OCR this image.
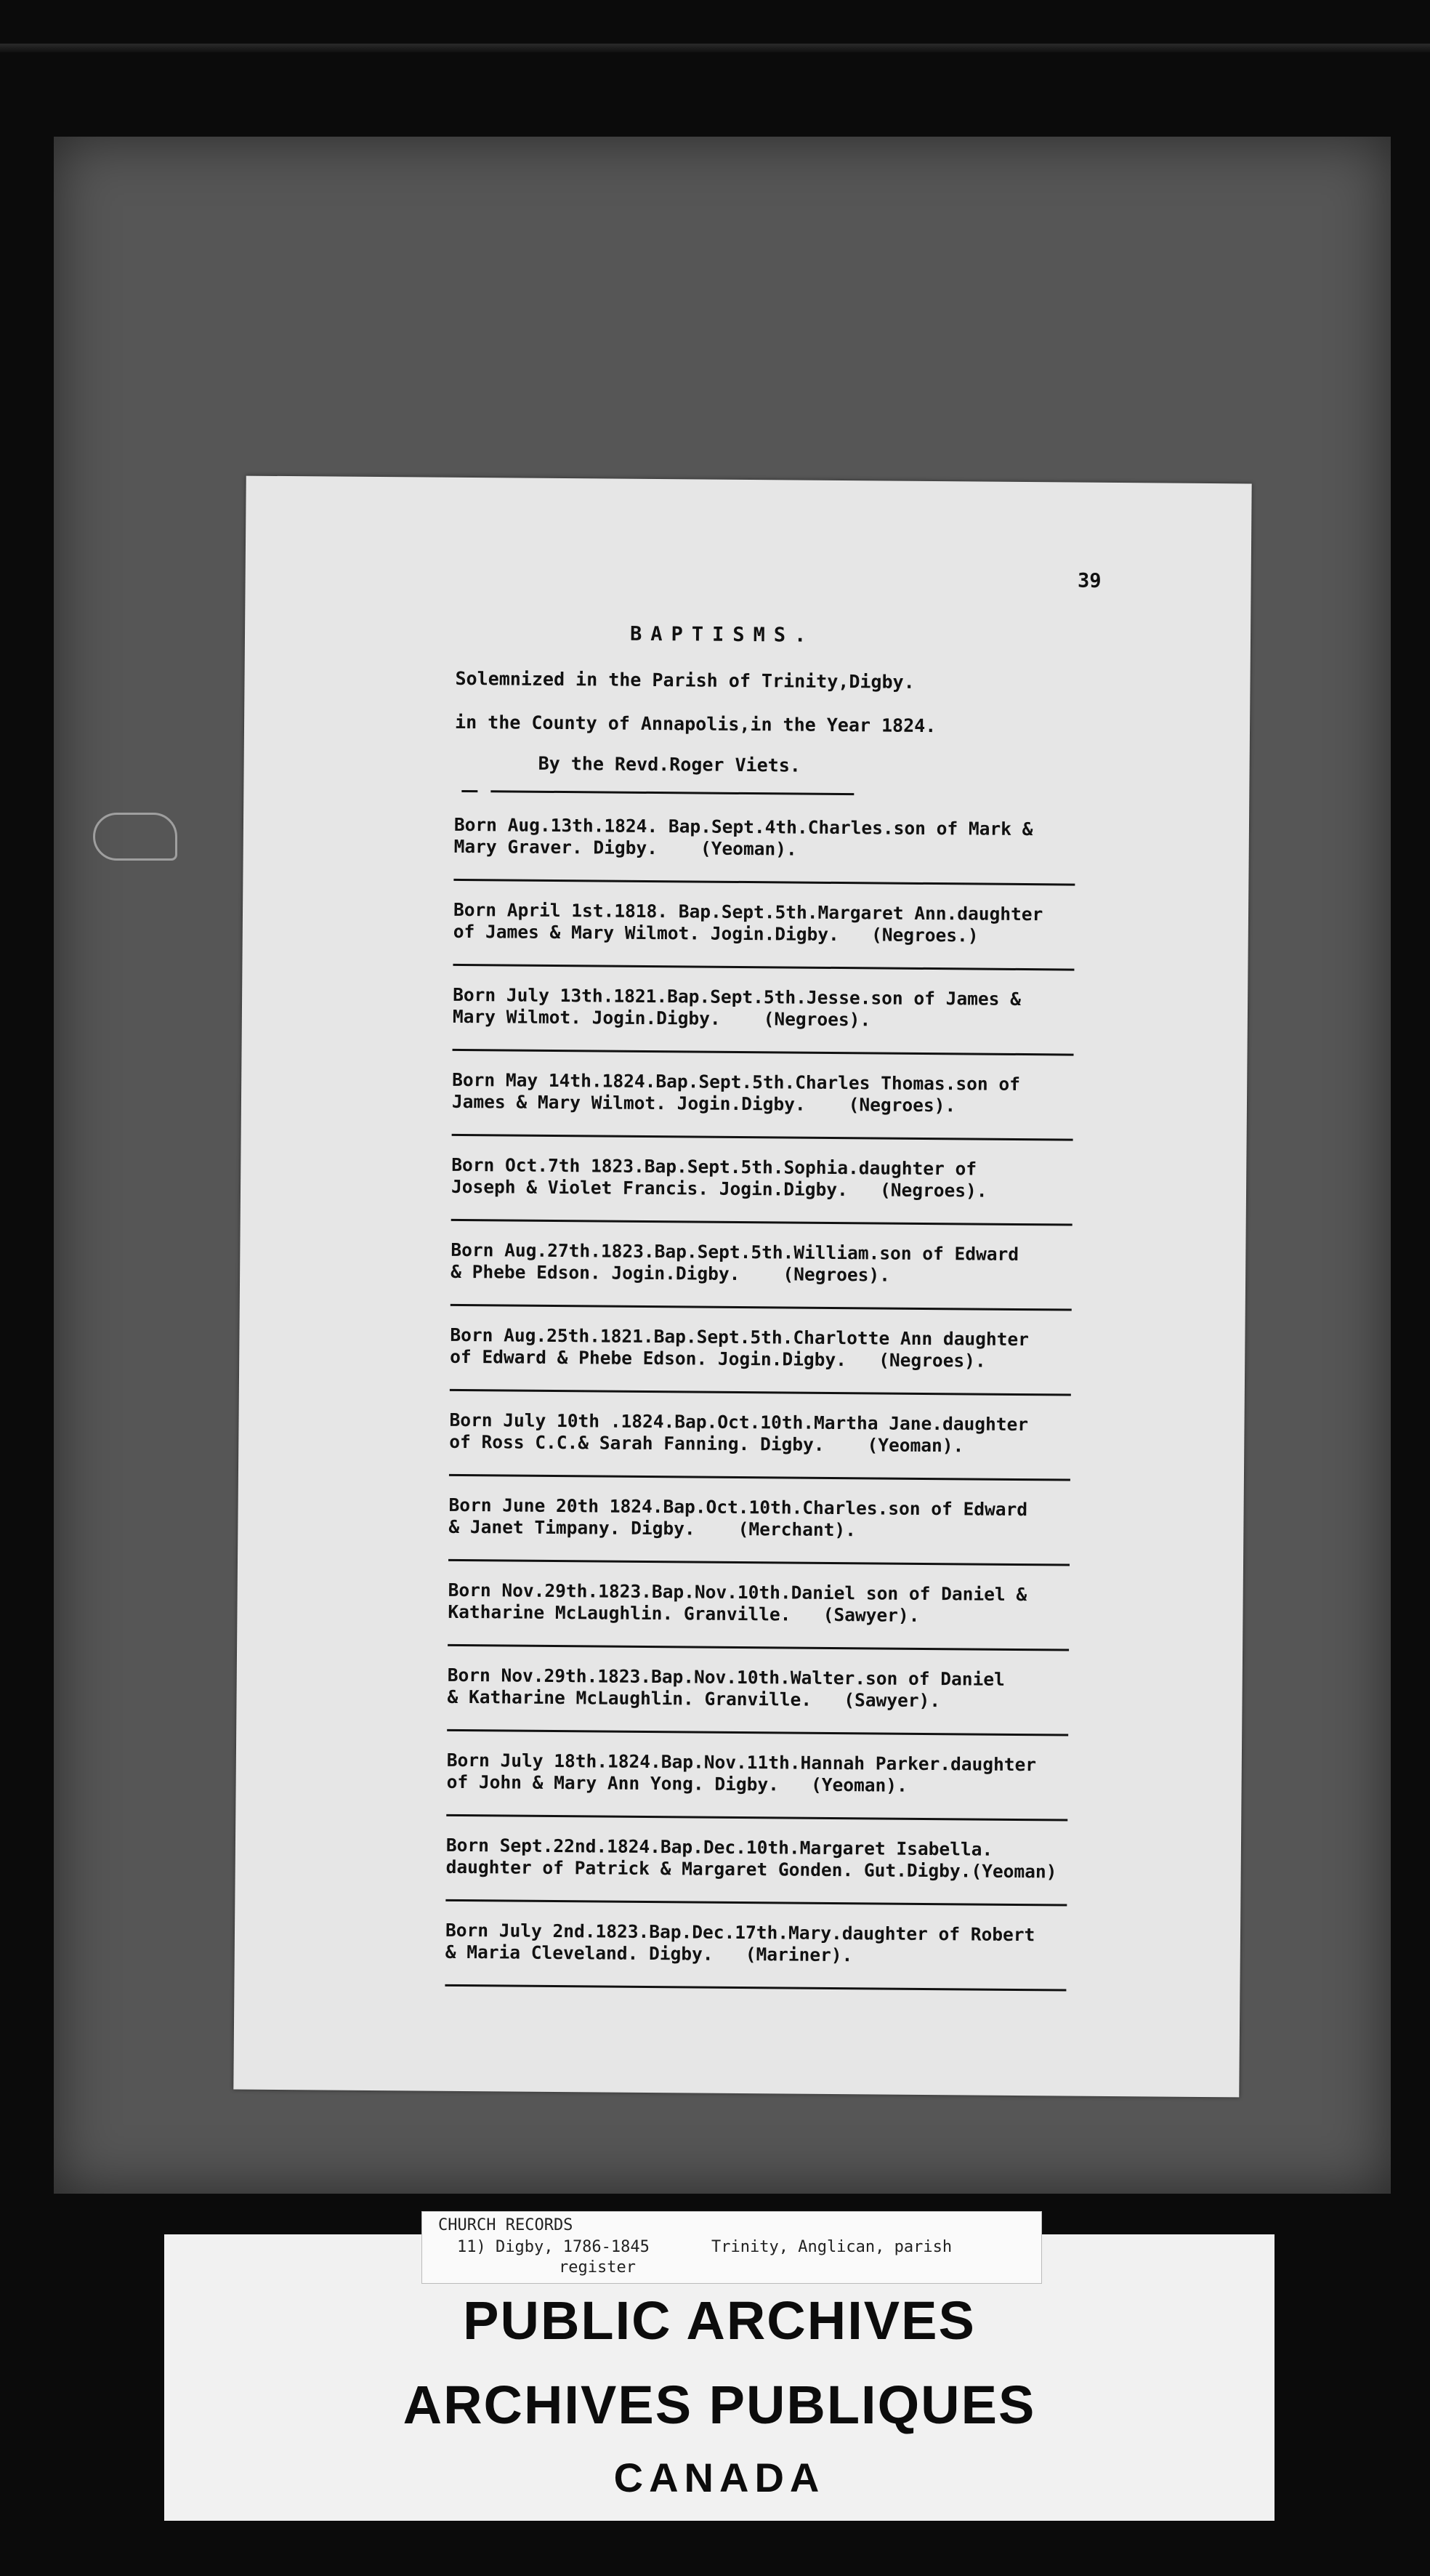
39
BAPTISMS.
Solemnized in the Parish of Trinity,Digby.
in the County of Annapolis,in the Year 1824.
By the Revd.Roger Viets.
Born Aug.13th.1824. Bap.Sept.4th.Charles.son of Mark &
Mary Graver. Digby.    (Yeoman).
Born April 1st.1818. Bap.Sept.5th.Margaret Ann.daughter
of James & Mary Wilmot. Jogin.Digby.   (Negroes.)
Born July 13th.1821.Bap.Sept.5th.Jesse.son of James &
Mary Wilmot. Jogin.Digby.    (Negroes).
Born May 14th.1824.Bap.Sept.5th.Charles Thomas.son of
James & Mary Wilmot. Jogin.Digby.    (Negroes).
Born Oct.7th 1823.Bap.Sept.5th.Sophia.daughter of
Joseph & Violet Francis. Jogin.Digby.   (Negroes).
Born Aug.27th.1823.Bap.Sept.5th.William.son of Edward
& Phebe Edson. Jogin.Digby.    (Negroes).
Born Aug.25th.1821.Bap.Sept.5th.Charlotte Ann daughter
of Edward & Phebe Edson. Jogin.Digby.   (Negroes).
Born July 10th .1824.Bap.Oct.10th.Martha Jane.daughter
of Ross C.C.& Sarah Fanning. Digby.    (Yeoman).
Born June 20th 1824.Bap.Oct.10th.Charles.son of Edward
& Janet Timpany. Digby.    (Merchant).
Born Nov.29th.1823.Bap.Nov.10th.Daniel son of Daniel &
Katharine McLaughlin. Granville.   (Sawyer).
Born Nov.29th.1823.Bap.Nov.10th.Walter.son of Daniel
& Katharine McLaughlin. Granville.   (Sawyer).
Born July 18th.1824.Bap.Nov.11th.Hannah Parker.daughter
of John & Mary Ann Yong. Digby.   (Yeoman).
Born Sept.22nd.1824.Bap.Dec.10th.Margaret Isabella.
daughter of Patrick & Margaret Gonden. Gut.Digby.(Yeoman)
Born July 2nd.1823.Bap.Dec.17th.Mary.daughter of Robert
& Maria Cleveland. Digby.   (Mariner).
CHURCH RECORDS
11) Digby, 1786-1845	Trinity, Anglican, parish
register
PUBLIC ARCHIVES
ARCHIVES PUBLIQUES
CANADA
